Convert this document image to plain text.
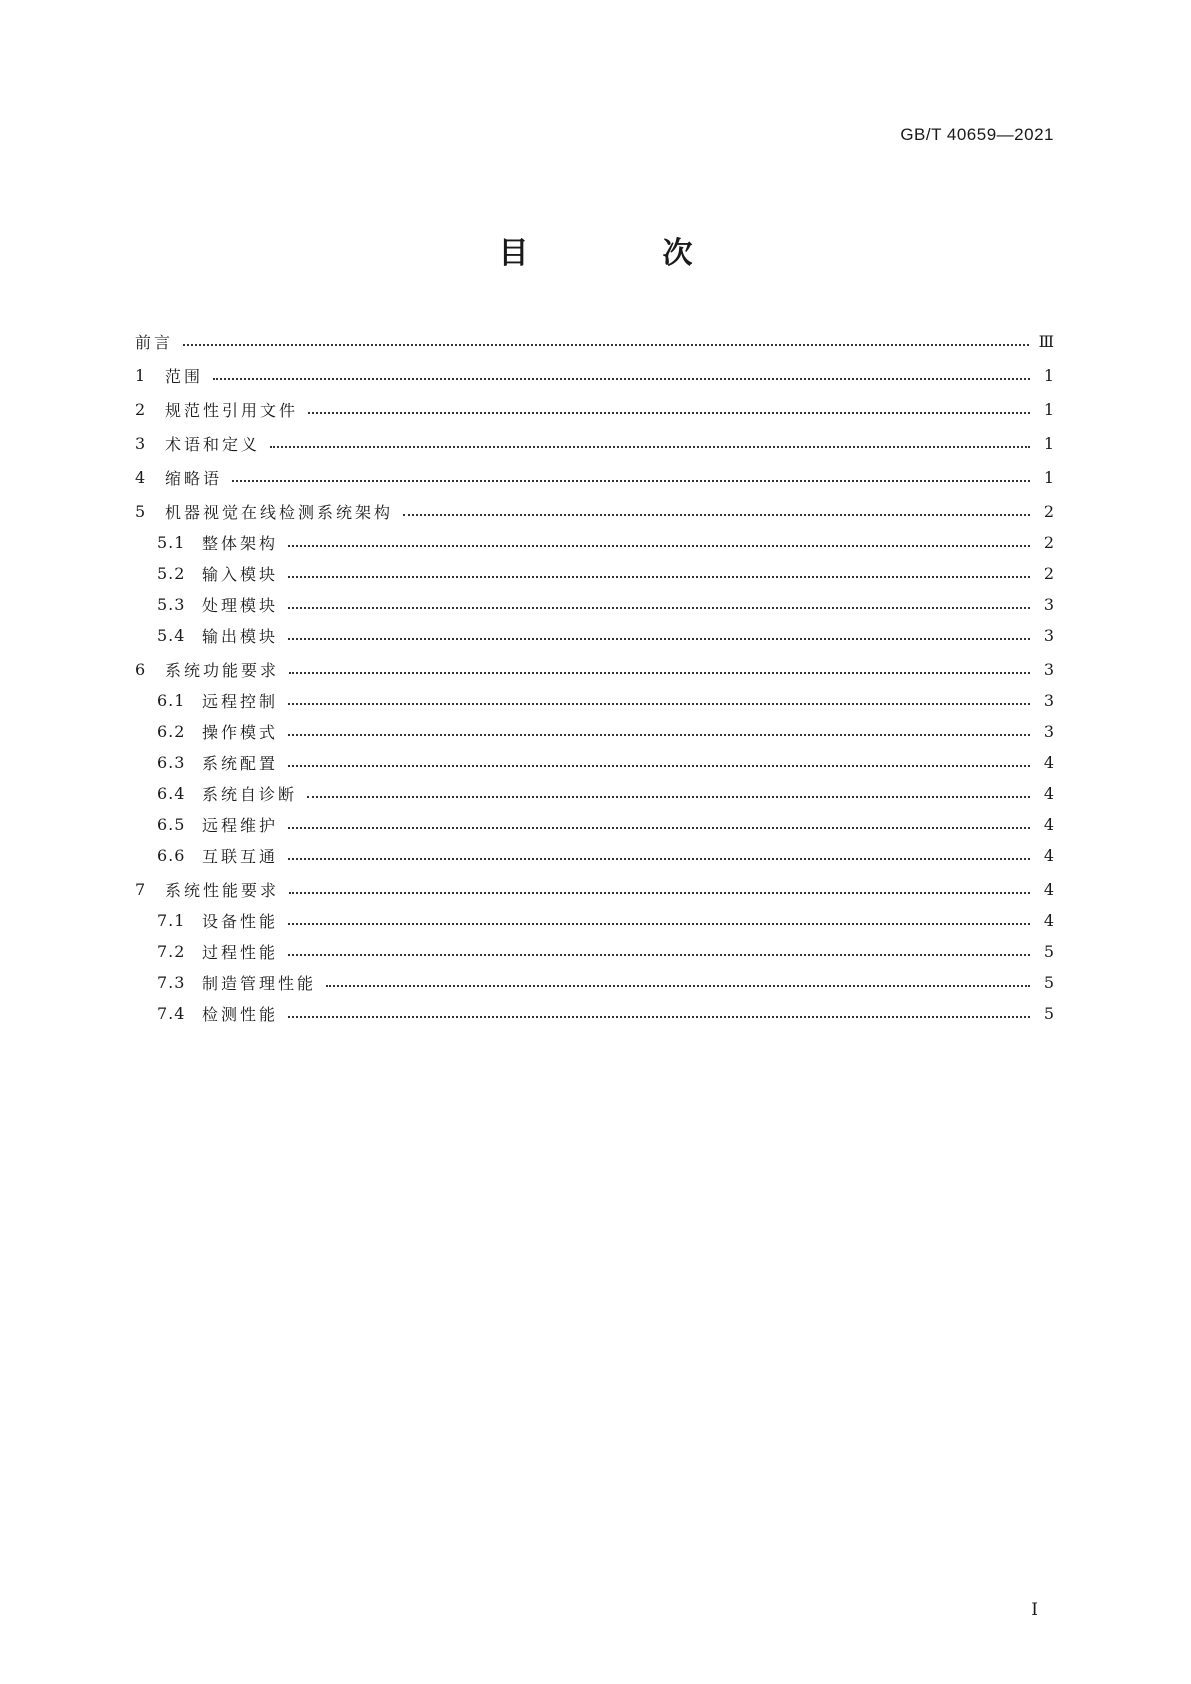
GB/T 40659—2021
目　次
前言	Ⅲ
1	范围	1
2	规范性引用文件	1
3	术语和定义	1
4	缩略语	1
5	机器视觉在线检测系统架构	2
5.1	整体架构	2
5.2	输入模块	2
5.3	处理模块	3
5.4	输出模块	3
6	系统功能要求	3
6.1	远程控制	3
6.2	操作模式	3
6.3	系统配置	4
6.4	系统自诊断	4
6.5	远程维护	4
6.6	互联互通	4
7	系统性能要求	4
7.1	设备性能	4
7.2	过程性能	5
7.3	制造管理性能	5
7.4	检测性能	5
I
